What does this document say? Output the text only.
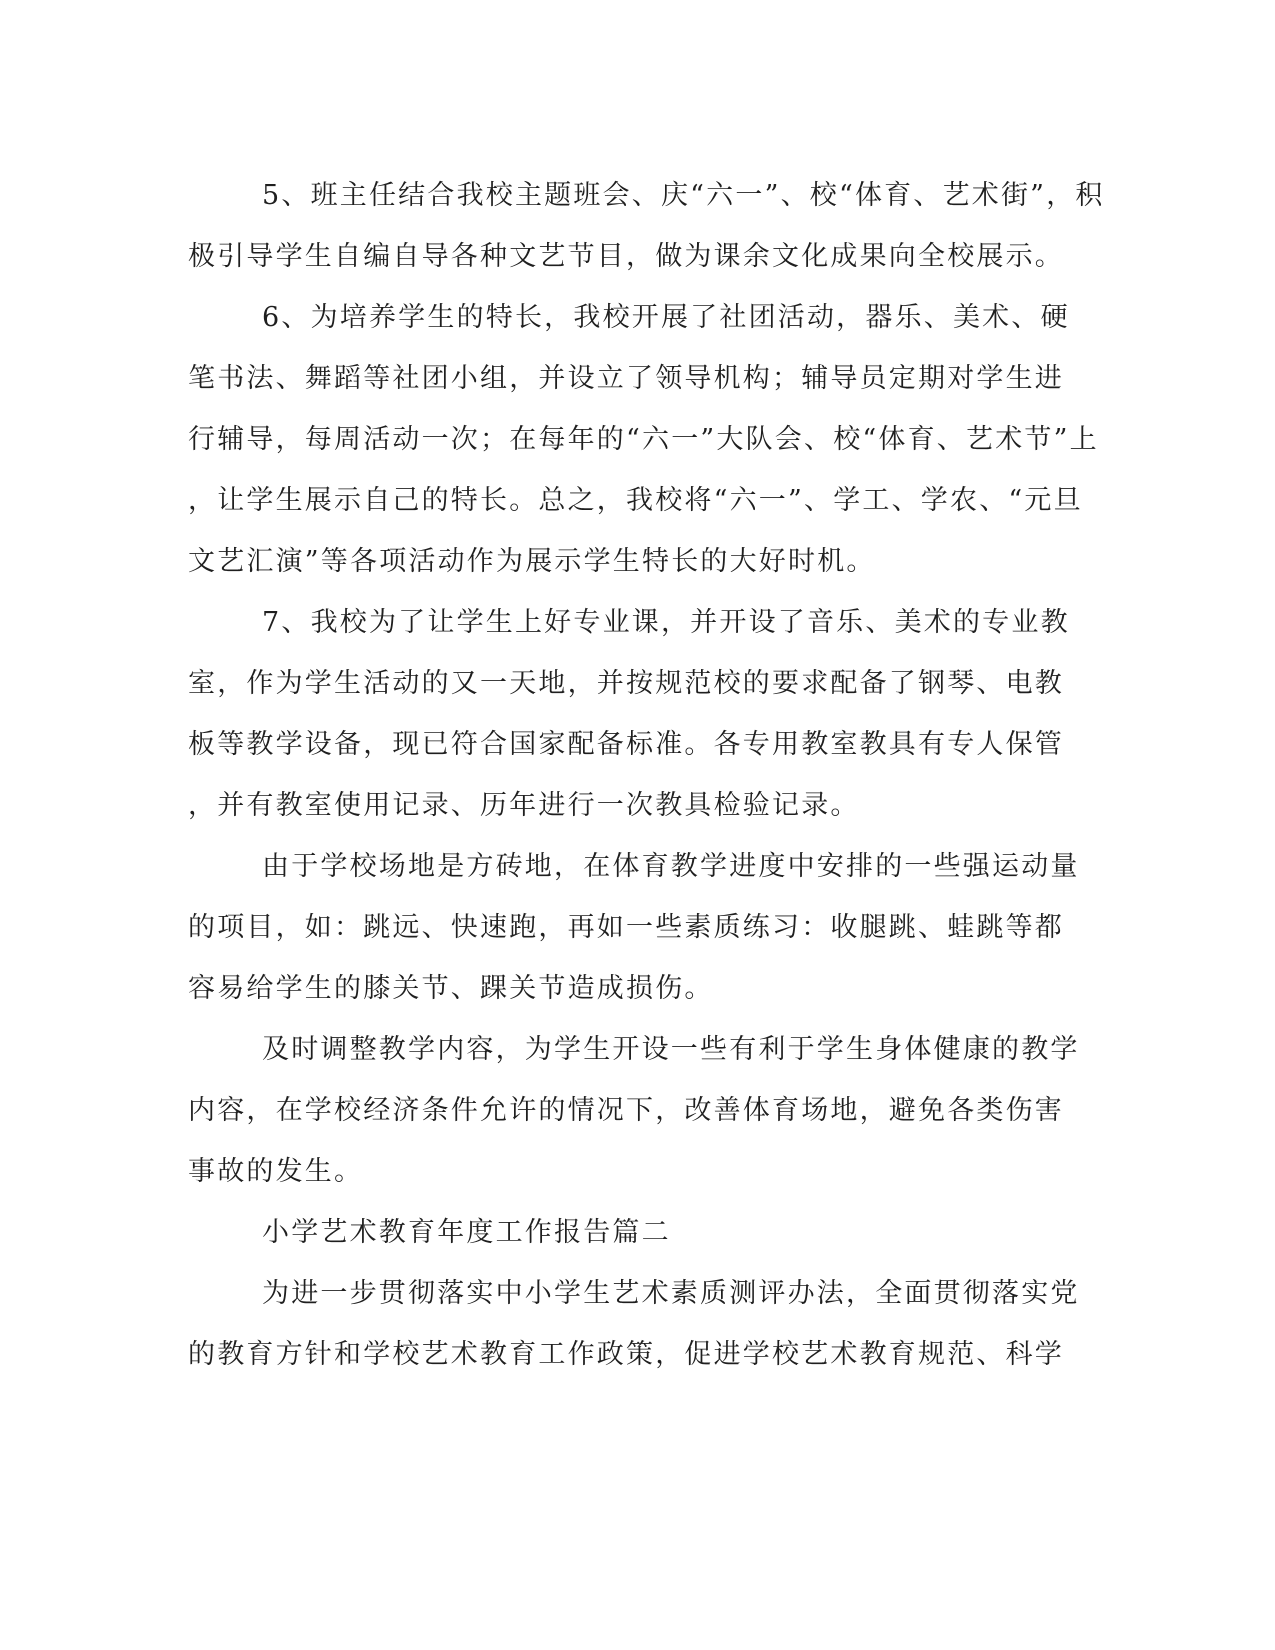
5、班主任结合我校主题班会、庆“六一”、校“体育、艺术街”，积
极引导学生自编自导各种文艺节目，做为课余文化成果向全校展示。
6、为培养学生的特长，我校开展了社团活动，器乐、美术、硬
笔书法、舞蹈等社团小组，并设立了领导机构；辅导员定期对学生进
行辅导，每周活动一次；在每年的“六一”大队会、校“体育、艺术节”上
，让学生展示自己的特长。总之，我校将“六一”、学工、学农、“元旦
文艺汇演”等各项活动作为展示学生特长的大好时机。
7、我校为了让学生上好专业课，并开设了音乐、美术的专业教
室，作为学生活动的又一天地，并按规范校的要求配备了钢琴、电教
板等教学设备，现已符合国家配备标准。各专用教室教具有专人保管
，并有教室使用记录、历年进行一次教具检验记录。
由于学校场地是方砖地，在体育教学进度中安排的一些强运动量
的项目，如：跳远、快速跑，再如一些素质练习：收腿跳、蛙跳等都
容易给学生的膝关节、踝关节造成损伤。
及时调整教学内容，为学生开设一些有利于学生身体健康的教学
内容，在学校经济条件允许的情况下，改善体育场地，避免各类伤害
事故的发生。
小学艺术教育年度工作报告篇二
为进一步贯彻落实中小学生艺术素质测评办法，全面贯彻落实党
的教育方针和学校艺术教育工作政策，促进学校艺术教育规范、科学
